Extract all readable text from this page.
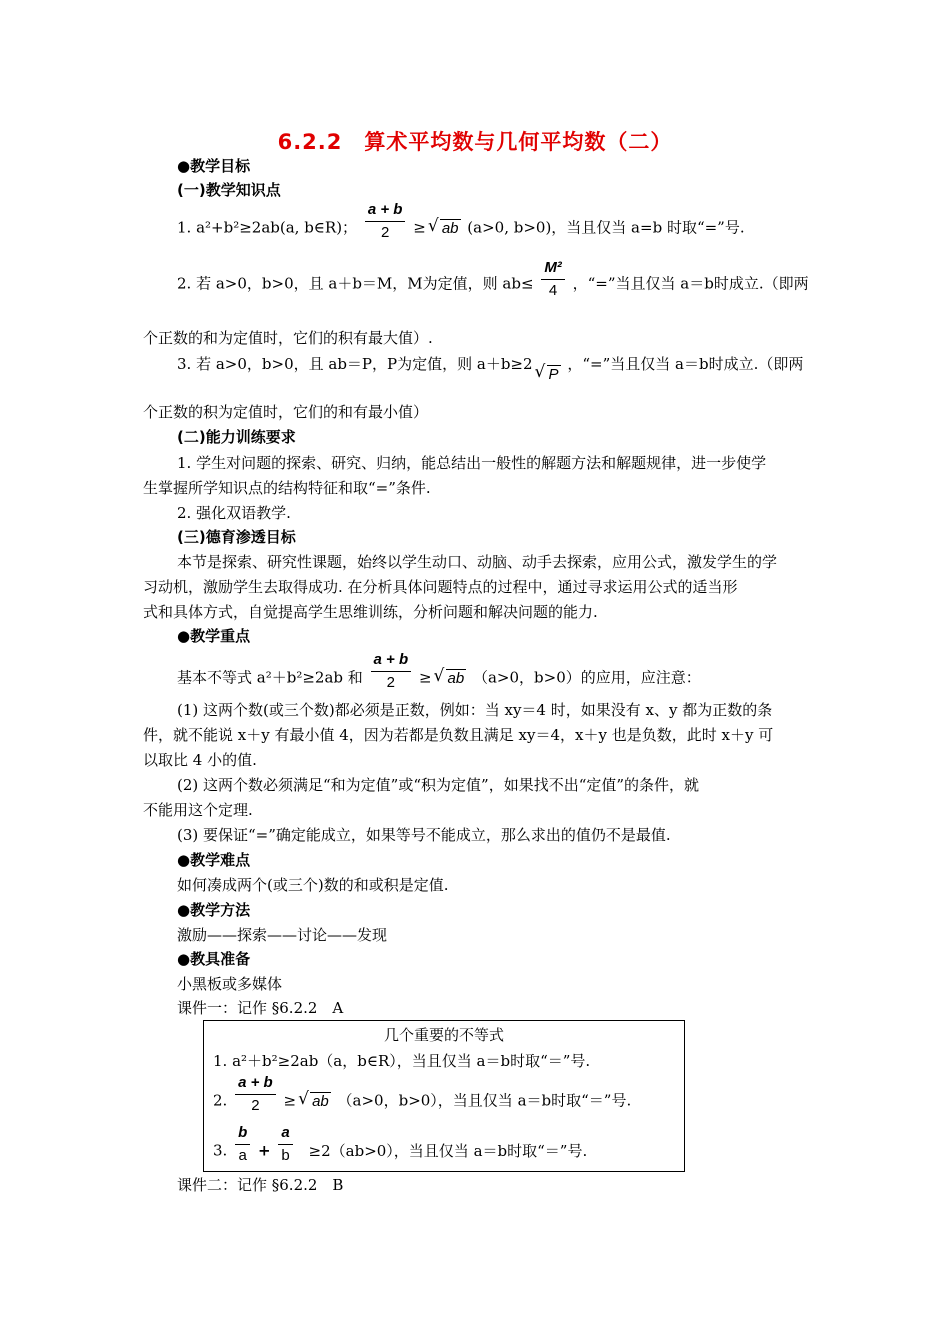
6.2.2　算术平均数与几何平均数（二）
●教学目标
(一)教学知识点
1. a²+b²≥2ab(a, b∈R)； $\frac{a + b}{2}$ ≥ √ ab (a>0, b>0)，当且仅当 a=b 时取“=”号.
2. 若 a>0，b>0，且 a＋b＝M，M为定值，则 $ab\le \frac{\text{M²}}{4}$ ，“=”当且仅当 a＝b时成立.（即两
个正数的和为定值时，它们的积有最大值）.
3. 若 a>0，b>0，且 ab＝P，P为定值，则 a＋b≥2√ P ，“=”当且仅当 a＝b时成立.（即两
个正数的积为定值时，它们的和有最小值）
(二)能力训练要求
1. 学生对问题的探索、研究、归纳，能总结出一般性的解题方法和解题规律，进一步使学
生掌握所学知识点的结构特征和取“=”条件.
2. 强化双语教学.
(三)德育渗透目标
本节是探索、研究性课题，始终以学生动口、动脑、动手去探索，应用公式，激发学生的学
习动机，激励学生去取得成功. 在分析具体问题特点的过程中，通过寻求运用公式的适当形
式和具体方式，自觉提高学生思维训练，分析问题和解决问题的能力.
●教学重点
基本不等式 a²＋b²≥2ab 和 $\frac{a + b}{2}$ ≥ √ ab （a>0，b>0）的应用，应注意：
(1) 这两个数(或三个数)都必须是正数，例如：当 xy＝4 时，如果没有 x、y 都为正数的条
件，就不能说 x＋y 有最小值 4，因为若都是负数且满足 xy＝4，x＋y 也是负数，此时 x＋y 可
以取比 4 小的值.
(2) 这两个数必须满足“和为定值”或“积为定值”，如果找不出“定值”的条件，就
不能用这个定理.
(3) 要保证“=”确定能成立，如果等号不能成立，那么求出的值仍不是最值.
●教学难点
如何凑成两个(或三个)数的和或积是定值.
●教学方法
激励——探索——讨论——发现
●教具准备
小黑板或多媒体
课件一：记作 §6.2.2　A
几个重要的不等式
1. a²＋b²≥2ab（a，b∈R），当且仅当 a＝b时取“＝”号.
2. $\frac{a + b}{2}$ ≥ √ ab （a>0，b>0），当且仅当 a＝b时取“＝”号.
3. $\frac{b}{a} + \frac{a}{b} \ge 2(ab>0)$，当且仅当 a＝b时取“＝”号.
课件二：记作 §6.2.2　B
